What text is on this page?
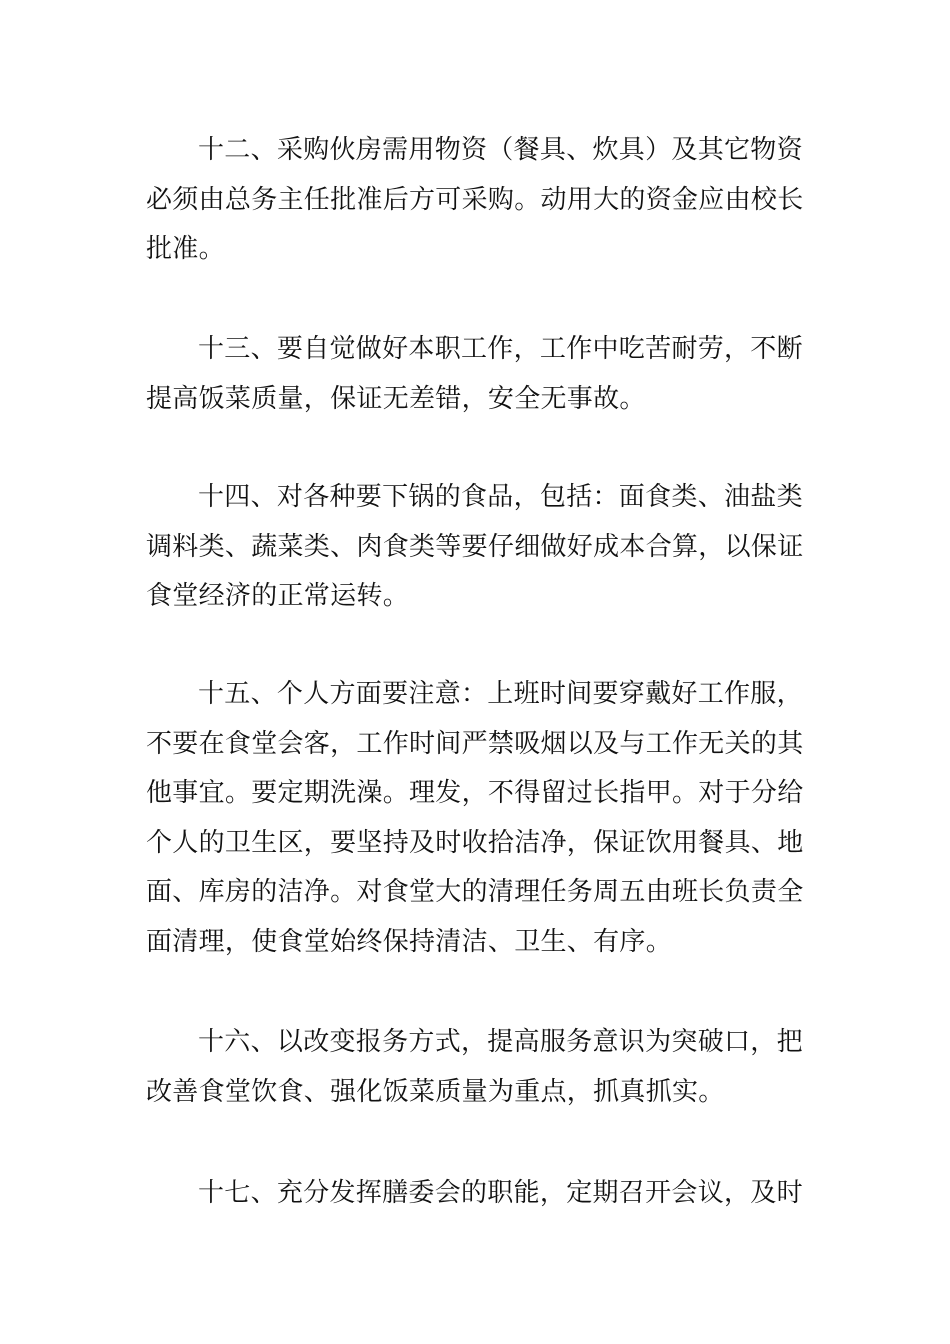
十二、采购伙房需用物资（餐具、炊具）及其它物资必须由总务主任批准后方可采购。动用大的资金应由校长批准。

十三、要自觉做好本职工作，工作中吃苦耐劳，不断提高饭菜质量，保证无差错，安全无事故。

十四、对各种要下锅的食品，包括：面食类、油盐类调料类、蔬菜类、肉食类等要仔细做好成本合算，以保证食堂经济的正常运转。

十五、个人方面要注意：上班时间要穿戴好工作服，不要在食堂会客，工作时间严禁吸烟以及与工作无关的其他事宜。要定期洗澡。理发，不得留过长指甲。对于分给个人的卫生区，要坚持及时收拾洁净，保证饮用餐具、地面、库房的洁净。对食堂大的清理任务周五由班长负责全面清理，使食堂始终保持清洁、卫生、有序。

十六、以改变报务方式，提高服务意识为突破口，把改善食堂饮食、强化饭菜质量为重点，抓真抓实。

十七、充分发挥膳委会的职能，定期召开会议，及时
